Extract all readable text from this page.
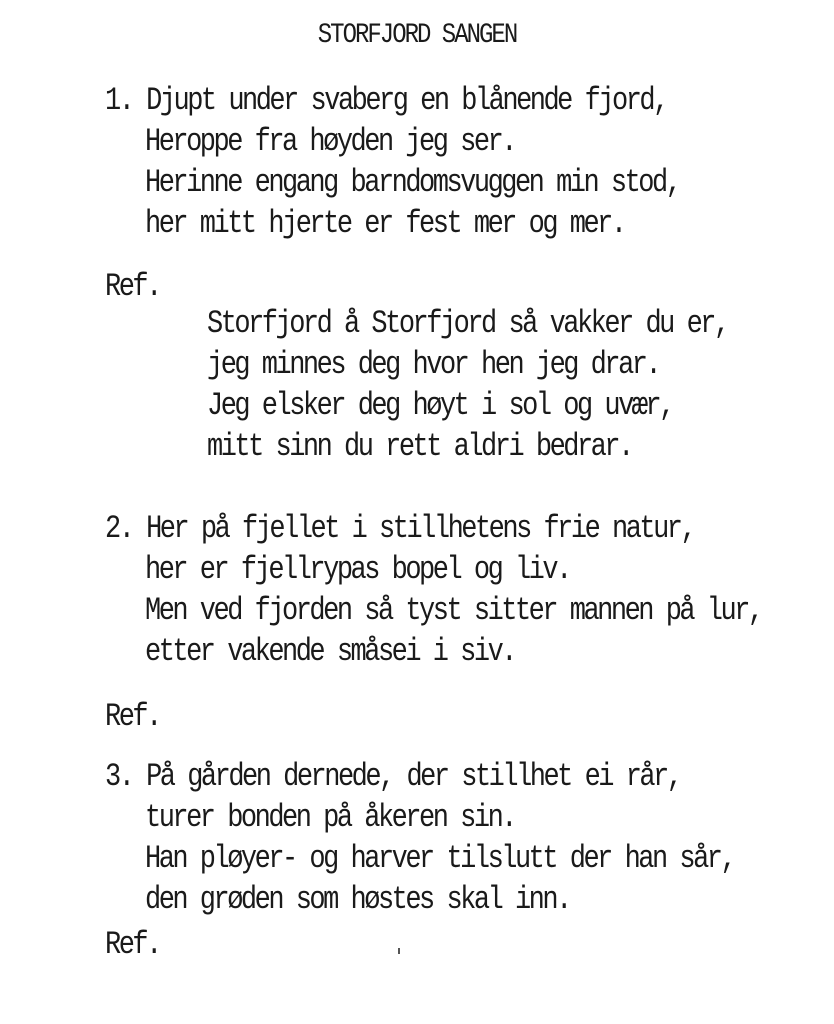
STORFJORD SANGEN
1. Djupt under svaberg en blånende fjord,
Heroppe fra høyden jeg ser.
Herinne engang barndomsvuggen min stod,
her mitt hjerte er fest mer og mer.
Ref.
Storfjord å Storfjord så vakker du er,
jeg minnes deg hvor hen jeg drar.
Jeg elsker deg høyt i sol og uvær,
mitt sinn du rett aldri bedrar.
2. Her på fjellet i stillhetens frie natur,
her er fjellrypas bopel og liv.
Men ved fjorden så tyst sitter mannen på lur,
etter vakende småsei i siv.
Ref.
3. På gården dernede, der stillhet ei rår,
turer bonden på åkeren sin.
Han pløyer- og harver tilslutt der han sår,
den grøden som høstes skal inn.
Ref.
